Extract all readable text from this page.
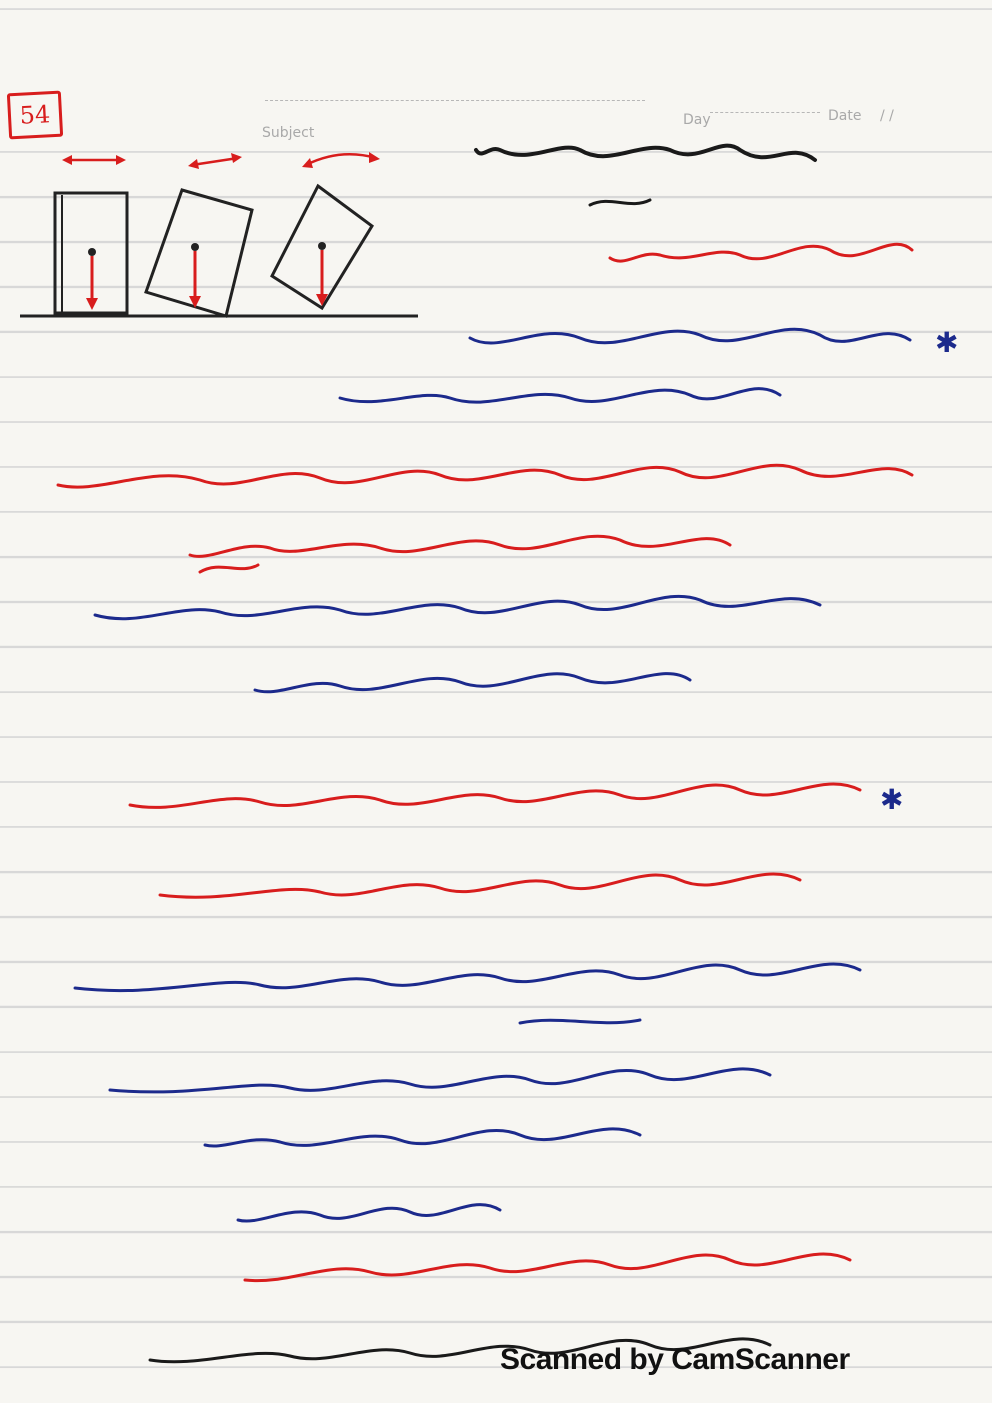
Subject
Day	Date / /
54
✱
✱
Scanned by CamScanner
